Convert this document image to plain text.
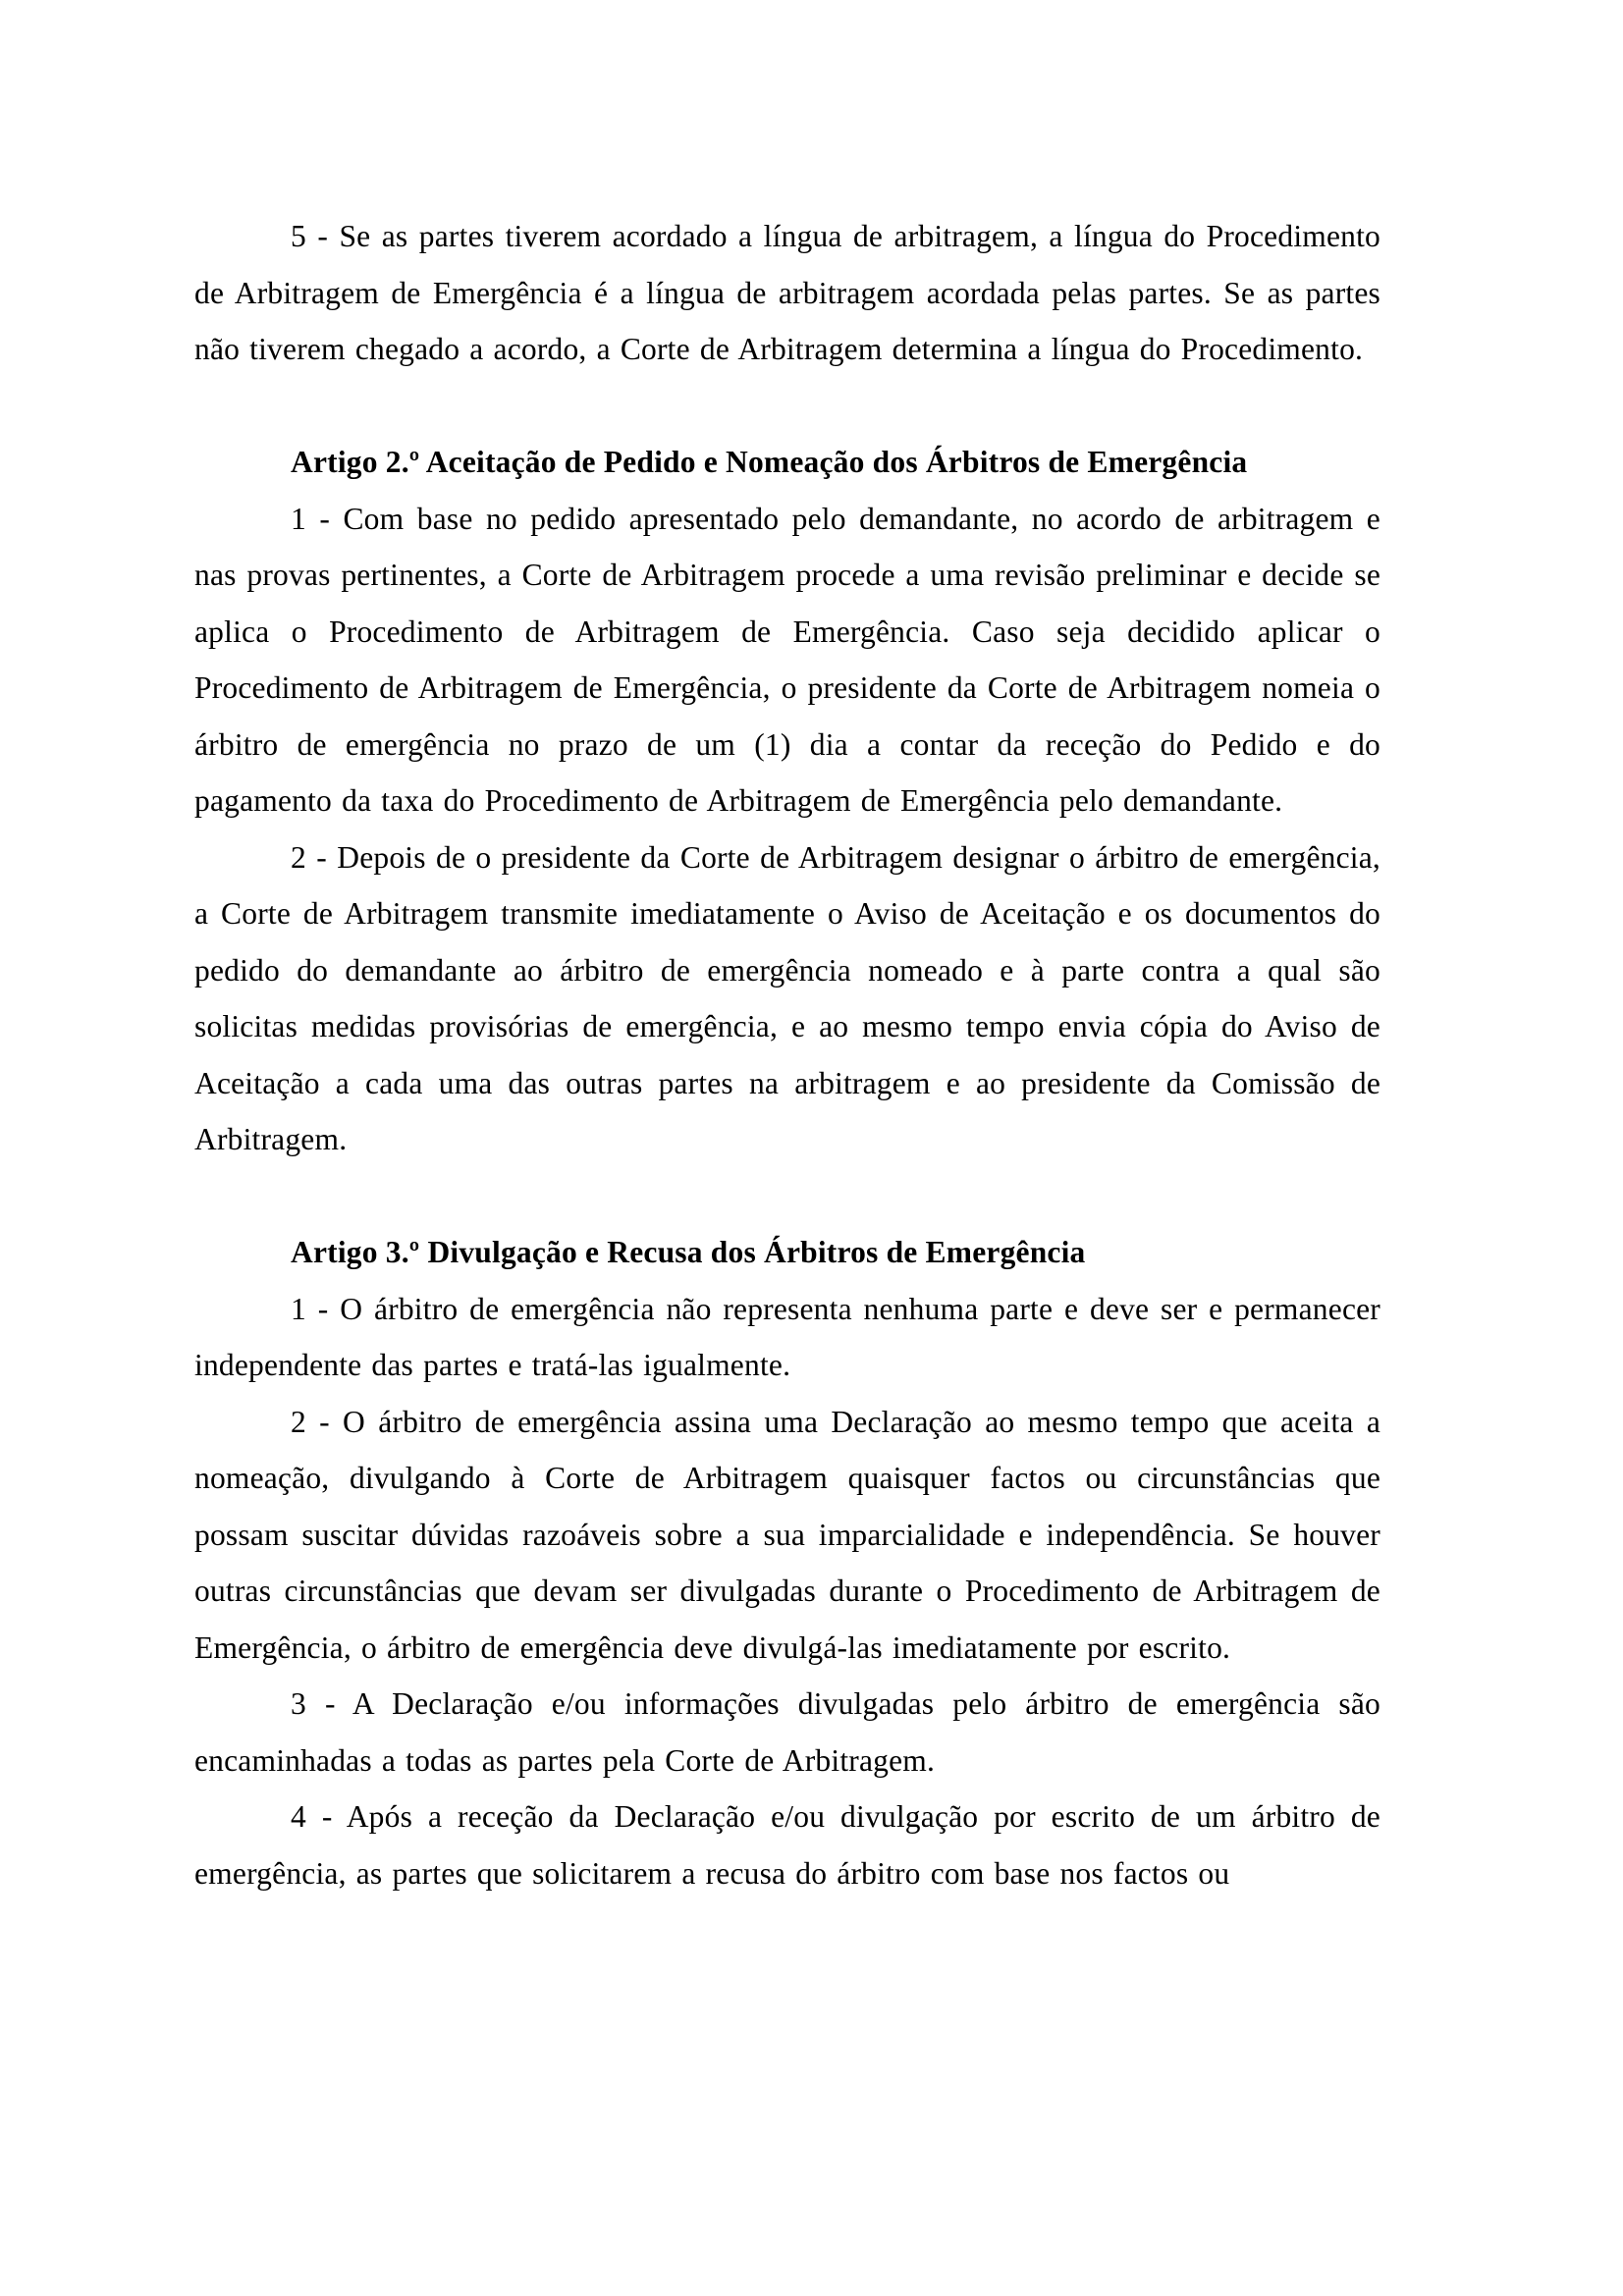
5 - Se as partes tiverem acordado a língua de arbitragem, a língua do Procedimento de Arbitragem de Emergência é a língua de arbitragem acordada pelas partes. Se as partes não tiverem chegado a acordo, a Corte de Arbitragem determina a língua do Procedimento.

Artigo 2.º Aceitação de Pedido e Nomeação dos Árbitros de Emergência

1 - Com base no pedido apresentado pelo demandante, no acordo de arbitragem e nas provas pertinentes, a Corte de Arbitragem procede a uma revisão preliminar e decide se aplica o Procedimento de Arbitragem de Emergência. Caso seja decidido aplicar o Procedimento de Arbitragem de Emergência, o presidente da Corte de Arbitragem nomeia o árbitro de emergência no prazo de um (1) dia a contar da receção do Pedido e do pagamento da taxa do Procedimento de Arbitragem de Emergência pelo demandante.

2 - Depois de o presidente da Corte de Arbitragem designar o árbitro de emergência, a Corte de Arbitragem transmite imediatamente o Aviso de Aceitação e os documentos do pedido do demandante ao árbitro de emergência nomeado e à parte contra a qual são solicitas medidas provisórias de emergência, e ao mesmo tempo envia cópia do Aviso de Aceitação a cada uma das outras partes na arbitragem e ao presidente da Comissão de Arbitragem.

Artigo 3.º Divulgação e Recusa dos Árbitros de Emergência

1 - O árbitro de emergência não representa nenhuma parte e deve ser e permanecer independente das partes e tratá-las igualmente.

2 - O árbitro de emergência assina uma Declaração ao mesmo tempo que aceita a nomeação, divulgando à Corte de Arbitragem quaisquer factos ou circunstâncias que possam suscitar dúvidas razoáveis sobre a sua imparcialidade e independência. Se houver outras circunstâncias que devam ser divulgadas durante o Procedimento de Arbitragem de Emergência, o árbitro de emergência deve divulgá-las imediatamente por escrito.

3 - A Declaração e/ou informações divulgadas pelo árbitro de emergência são encaminhadas a todas as partes pela Corte de Arbitragem.

4 - Após a receção da Declaração e/ou divulgação por escrito de um árbitro de emergência, as partes que solicitarem a recusa do árbitro com base nos factos ou
